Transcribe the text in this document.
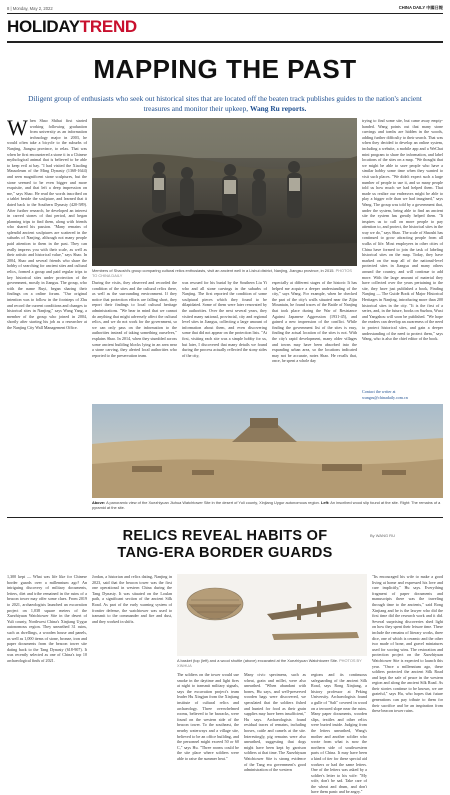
8 | Monday, May 2, 2022	CHINA DAILY 中國日報
HOLIDAYTREND
MAPPING THE PAST
Diligent group of enthusiasts who seek out historical sites that are located off the beaten track publishes guides to the nation's ancient treasures and monitor their upkeep, Wang Ru reports.
W hen Shao Shihai first started working following graduation from university as an information technology major in 2003, he would often take a bicycle to the suburbs of Nanjing, Jiangsu province, to relax. That was when he first encountered a stone ti in a Chinese mythological animal that is believed to be able to keep evil at bay. "I had visited the Xiaoling Mausoleum of the Ming Dynasty (1368-1644) and seen magnificent stone sculptures, but the stone seemed to be even bigger and more exquisite, and that left a deep impression on me," says Shao. He read the words inscribed on a tablet beside the sculpture, and learned that it dated back to the Southern Dynasty (420-589). After further research, he developed an interest in carved stones of that period, and began planning trips to find them, along with friends who shared his passion. "Many remains of splendid ancient sculptures are scattered in the suburbs of Nanjing, although not many people paid attention to them in the past. They can really impress you with their scale, as well as their artistic and historical value," says Shao. In 2004, Shao and several friends who share the hobby of searching for ancient sites and cultural relics, formed a group and paid regular trips to key historical sites under protection of the government, mostly in Jiangsu. The group, who with the name Ruyi, began sharing their findings on a online forum. "Our original intention was to follow in the footsteps of Zhu and record the current conditions and changes to historical sites in Nanjing," says Wang Yang, a member of the group who joined in 2004, shortly after starting his job as a researcher at the Nanjing City Wall Management Office.
Members of Shaoshi's group comparing cultural relics enthusiasts, visit an ancient well in a Lishui district, Nanjing, Jiangsu province, in 2015. PHOTOS TO CHINA DAILY
trying to find some site, but came away empty-handed. Wang points out that many stone carvings and tombs are hidden in the woods, adding further difficulty to their search. That was when they decided to develop an online system, including a website, a mobile app and a WeChat mini program to share the information, and label locations of the sites on a map. "We thought that we might be able to save people who have a similar hobby some time when they wanted to visit such places. "We didn't expect such a large number of people to use it, and so many people told us how much we had helped them. That made us realize our endeavors might be able to play a bigger role than we had imagined," says Wang. The group was told by a government that, under the system, being able to find an ancient site the system has greatly helped them. "It inspires us to call on more people to pay attention to, and protect, the historical sites in the way we do," says Shao. The scale of Shaoshi has continued to grow attracting people from all walks of life. Most employees in other cities of China have formed to join the task of labeling historical sites on the map. Today, they have marked on the map all of the national-level protected sites in Jiangsu and many others around the country, and will continue to add more. With the large amount of material they have collected over the years pertaining to the site, they have just published a book, Finding Nanjing — The Guide Book of Major Historical Heritages in Nanjing, introducing more than 200 historical sites in the city. "It is the first of a series, and, in the future, books on Suzhou, Wuxi and Yangzhou will soon be published. "We hope the readers can develop an awareness of the need to protect historical sites, and gain a deeper understanding of the need to protect them," says Wang, who is also the chief editor of the book.
Contact the writer at
wangru@chinadaily.com.cn
During the visits, they observed and recorded the condition of the sites and the cultural relics there, as well as the surrounding environment. If they notice that protection efforts are falling short, they report their findings to local cultural heritage administrations. "We bear in mind that we cannot do anything that might adversely affect the cultural relics, and we do not work for the government, so we can only pass on the information to the authorities instead of taking something ourselves," explains Shao. In 2014, when they stumbled across some ancient building blocks lying in an area near a stone carving, they alerted local authorities who reported to the preservation team.
was rescued for his burial by the Southern Liu Yi who and all stone carvings in the suburbs of Nanjing. The first reported the condition of some sculptural pieces which they found to be dilapidated. Some of them were later renovated by the authorities. Over the next several years, they visited many national, provincial, city and regional level sites in Jiangsu, collecting a large amount of information about them, and even discovering some that did not appear on the protection lists. "At first, visiting each site was a simple hobby for us, but later, I discovered that many details we found during the process actually reflected the stony sides of the city,
especially at different stages of the historic It has helped me acquire a deeper understanding of the city," says Wang. For example, when he checked the part of the city's walls situated near the Zijin Mountain, he found traces of the Battle of Nanjing that took place during the War of Resistance Against Japanese Aggression (1931-45), and gained a new impression of the conflict. While finding the government list of the sites is easy, finding the actual location of the sites is not. With the city's rapid development, many older villages and towns may have been absorbed into the expanding urban area, so the locations indicated may not be accurate, notes Shao. He recalls that, once, he spent a whole day
Above: A panoramic view of the Xuezhiyuan Jiuhua Watchtower Site in the desert of Yuli county, Xinjiang Uygur autonomous region. Left: An inscribed wood slip found at the site. Right: The remains of a pyramid at the site.
RELICS REVEAL HABITS OF
TANG-ERA BORDER GUARDS
By WANG RU
1,300 kept — What was life like for Chinese border guards over a millennium ago? An intriguing discovery of military documents, letters, diet and tribe remained in the ruins of a beacon tower may offer some clues. From 2019 to 2021, archaeologists launched an excavation project on 1,038 square meters of the Xuezhiyuan Watchtower Site in the desert of Yuli county, Northwest China's Xinjiang Uygur autonomous region. They unearthed 31 ruins, such as dwellings, a wooden house and panels, as well as 1,000 items of stone, bronze, iron and paper documents from the beacon tower site dating back to the Tang Dynasty (618-907). It was recently selected as one of China's top 10 archaeological finds of 2021.
Jordan, a historian and relics dating, Nanjing in 2023, said that the beacon tower was the first one operational in western China during the Tang Dynasty. It was situated on the Loulan path, a significant section of the ancient Silk Road. As part of the early warning system of frontier defense, the watchtower was used to transmit to the commander and fire and dust, and they worked in shifts.
A basket (top (left) and a wood shuttle (above) excavated at the Xuezhiyuan Watchtower Site. PHOTOS BY XINHUA
The soldiers on the tower would use smoke in the daytime and light fires at night to transmit military signals, says the excavation project's team leader Hu Xingjun from the Xinjiang institute of cultural relics and archaeology. Three overwhelmed rooms, believed to be barracks, were found on the western side of the beacon tower. To the southeast, the nearby waterways and a village site, believed to be an office building, and the personnel might exceed 50 or 60 C," says Hu. "Three rooms could be the site place where soldiers were able to raise the summer heat."
Many civic specimens, such as wheat, grain and millet, were also unearthed. "When abundant with bones, Hu says, and well-preserved wooden bags were discovered, we speculated that the soldiers fished and hunted for food as their grain supplies may have been insufficient," Hu says. Archaeologists found residual traces of remains, including horses, cattle and camels at the site. Interestingly, pig remains were also unearthed, suggesting that dogs might have been kept by garrison soldiers at that time. The Xuezhiyuan Watchtower Site is strong evidence of the Tang era government's good administration of the western
regions and its continuous safeguarding of the ancient Silk Road, says Rong Xinjiang, a history professor at Peking University. Archaeologists found a gulle of "Salt" covered in wood on a terraced slope near the ruins. Many paper documents, wooden slips, textiles and other relics were buried inside. Judging from the letters unearthed, Wang's mother and another soldier who wrote from what is now the northern side of southwestern parts of China. It may have been a kind of tier for these special aid workers or had the same letters. One of the letters was asked by a soldier's letter to his wife: "My wife, don't be sad. Take care of the wheat and drum, and don't have them panic and be angry."
"Its encouraged his wife to make a good living at home and expressed his love and care implicitly," Hu says. Everything fragment of paper documents and manuscripts there was the traveling through time to the ancients," said Rong Xinjiang and he is the lawyer who did the first time did the research work and it did. Several surprising discoveries shed light on how they spent their leisure time. These include the remains of literary works, three dice, one of which is ceramic and the other two made of bone, and gravel miniatures used for scoring wins. The restoration and protection project on the Xuezhiyuan Watchtower Site is expected to launch this year. "Once a millennium ago, these soldiers protected the ancient Silk Road and kept the safe of peace in the western region and along the ancient Silk Road. As their stories continue to be known, we are grateful," says Hu, who hopes that future generations can pay tribute to them for their sacrifice and be an inspiration from these beacon tower ruins.
